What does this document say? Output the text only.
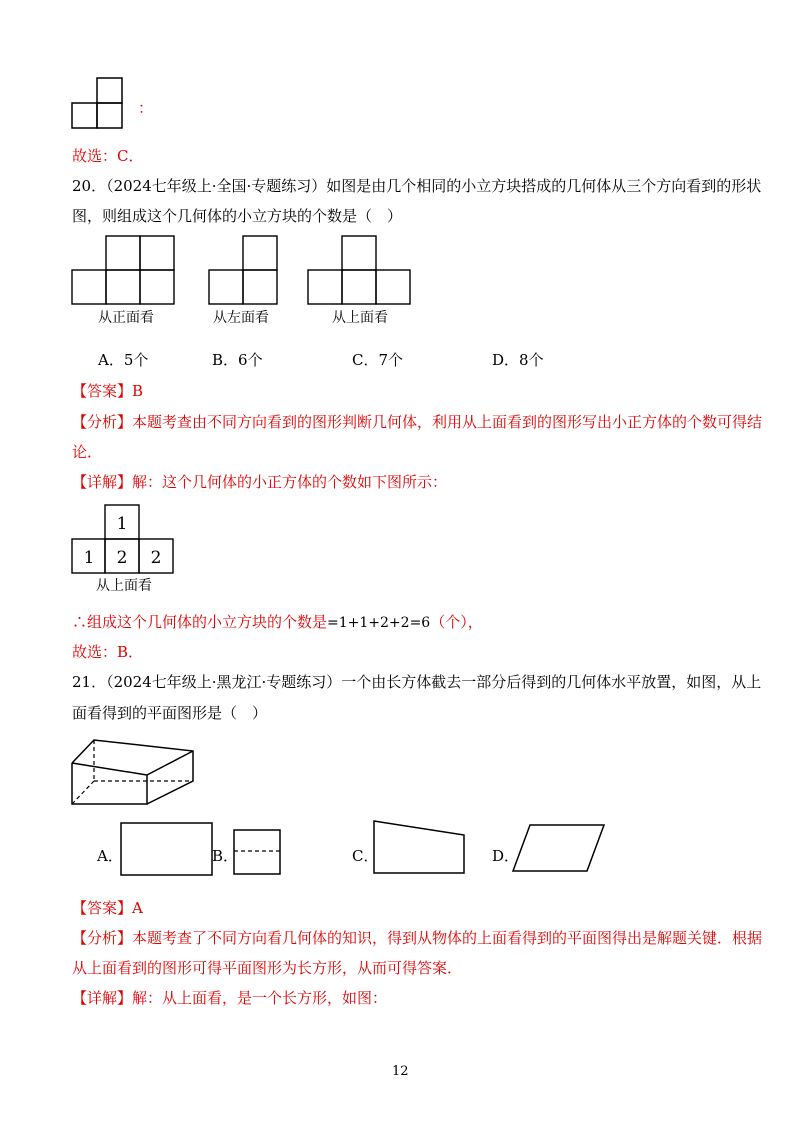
：
故选：C．
20．（2024七年级上·全国·专题练习）如图是由几个相同的小立方块搭成的几何体从三个方向看到的形状
图，则组成这个几何体的小立方块的个数是（　）
从正面看	从左面看	从上面看
A．5个	B．6个	C．7个	D．8个
【答案】B
【分析】本题考查由不同方向看到的图形判断几何体，利用从上面看到的图形写出小正方体的个数可得结
论．
【详解】解：这个几何体的小正方体的个数如下图所示：
1
1 2 2
从上面看
∴组成这个几何体的小立方块的个数是=1+1+2+2=6（个），
故选：B．
21．（2024七年级上·黑龙江·专题练习）一个由长方体截去一部分后得到的几何体水平放置，如图，从上
面看得到的平面图形是（　）
A．	B．	C．	D．
【答案】A
【分析】本题考查了不同方向看几何体的知识，得到从物体的上面看得到的平面图得出是解题关键．根据
从上面看到的图形可得平面图形为长方形，从而可得答案．
【详解】解：从上面看，是一个长方形，如图：
12
